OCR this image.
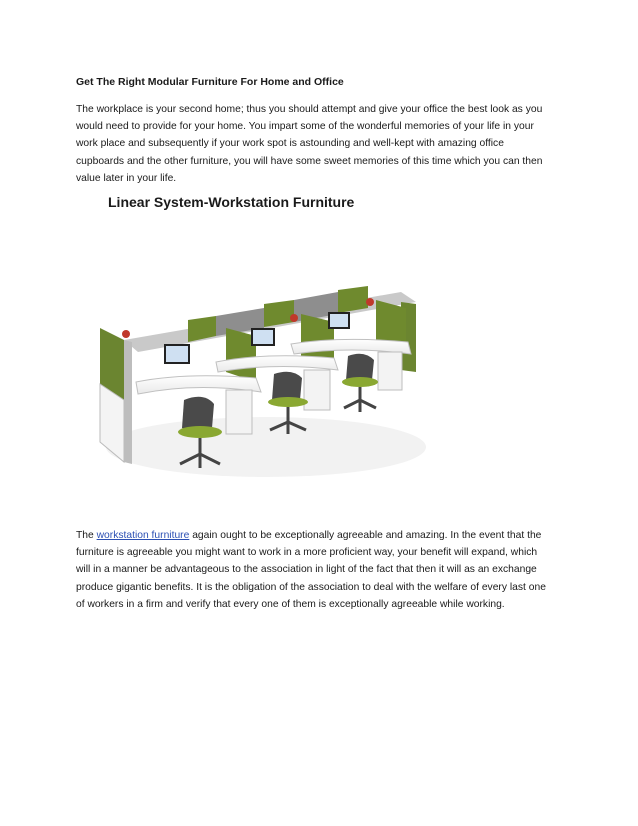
Get The Right Modular Furniture For Home and Office
The workplace is your second home; thus you should attempt and give your office the best look as you
would need to provide for your home. You impart some of the wonderful memories of your life in your
work place and subsequently if your work spot is astounding and well-kept with amazing office
cupboards and the other furniture, you will have some sweet memories of this time which you can then
value later in your life.
Linear System-Workstation Furniture
The workstation furniture again ought to be exceptionally agreeable and amazing. In the event that the
furniture is agreeable you might want to work in a more proficient way, your benefit will expand, which
will in a manner be advantageous to the association in light of the fact that then it will as an exchange
produce gigantic benefits. It is the obligation of the association to deal with the welfare of every last one
of workers in a firm and verify that every one of them is exceptionally agreeable while working.
